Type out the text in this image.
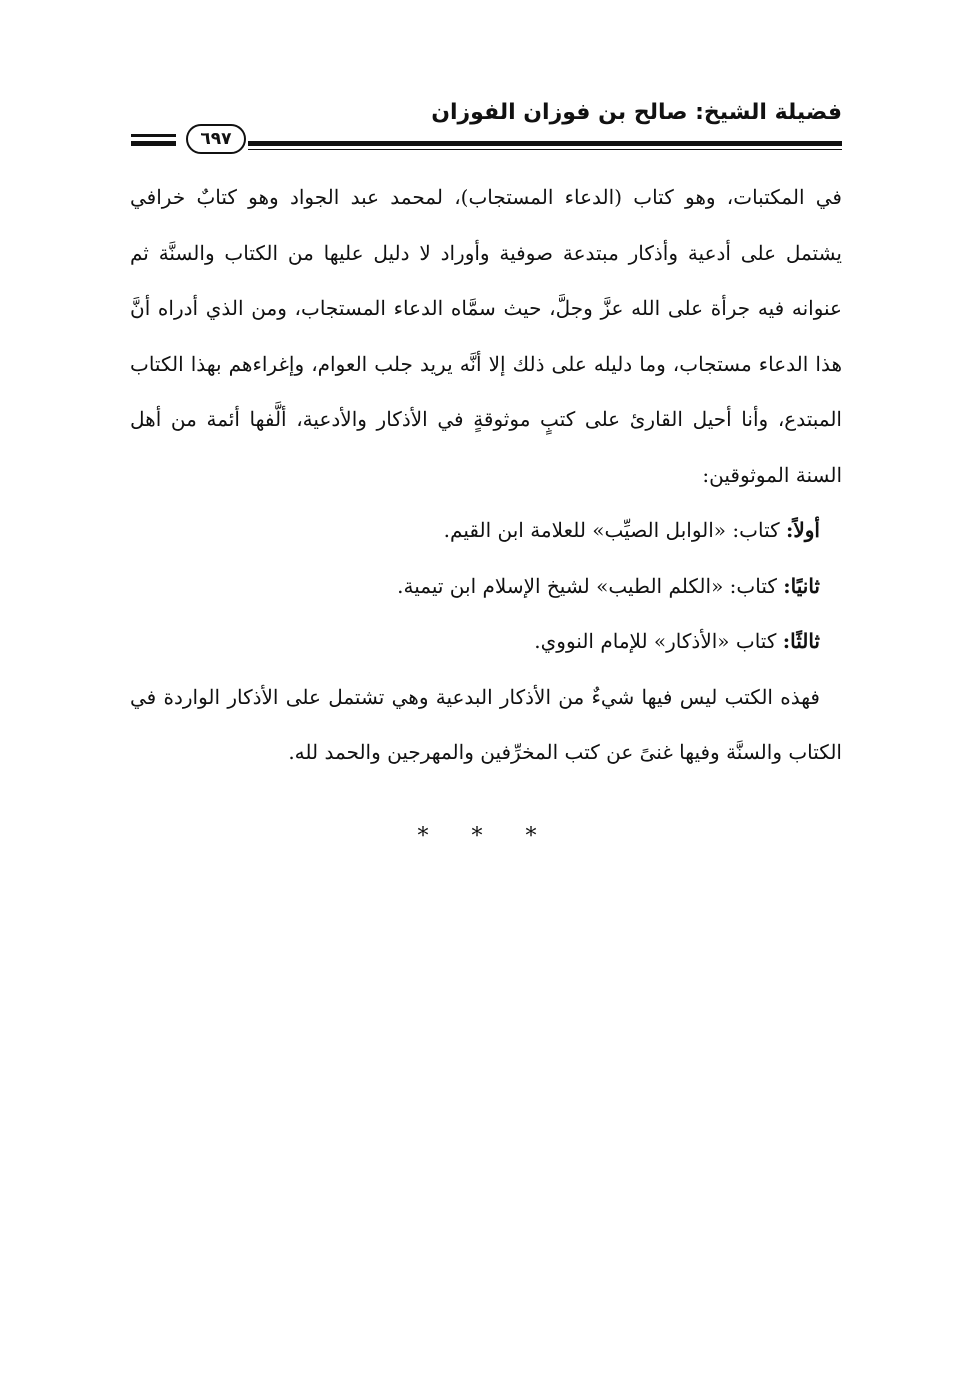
فضيلة الشيخ: صالح بن فوزان الفوزان
٦٩٧

في المكتبات، وهو كتاب (الدعاء المستجاب)، لمحمد عبد الجواد وهو كتابٌ خرافي يشتمل على أدعية وأذكار مبتدعة صوفية وأوراد لا دليل عليها من الكتاب والسنَّة ثم عنوانه فيه جرأة على الله عزَّ وجلَّ، حيث سمَّاه الدعاء المستجاب، ومن الذي أدراه أنَّ هذا الدعاء مستجاب، وما دليله على ذلك إلا أنَّه يريد جلب العوام، وإغراءهم بهذا الكتاب المبتدع، وأنا أحيل القارئ على كتبٍ موثوقةٍ في الأذكار والأدعية، ألَّفها أئمة من أهل السنة الموثوقين:

أولاً: كتاب: «الوابل الصيِّب» للعلامة ابن القيم.
ثانيًا: كتاب: «الكلم الطيب» لشيخ الإسلام ابن تيمية.
ثالثًا: كتاب «الأذكار» للإمام النووي.

فهذه الكتب ليس فيها شيءٌ من الأذكار البدعية وهي تشتمل على الأذكار الواردة في الكتاب والسنَّة وفيها غنىً عن كتب المخرِّفين والمهرجين والحمد لله.

* * *
